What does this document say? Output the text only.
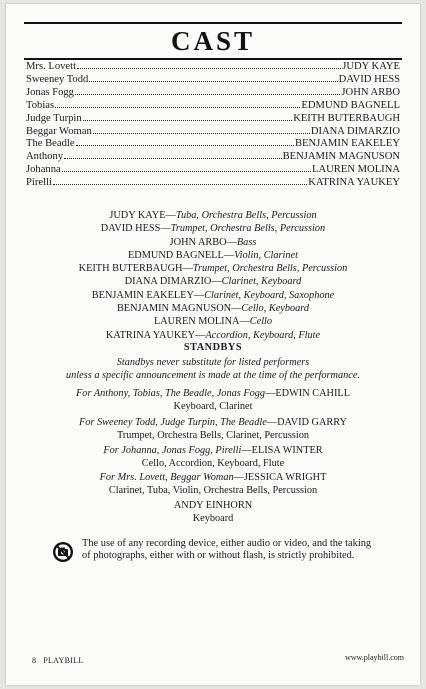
CAST
Mrs. Lovett	JUDY KAYE
Sweeney Todd	DAVID HESS
Jonas Fogg	JOHN ARBO
Tobias	EDMUND BAGNELL
Judge Turpin	KEITH BUTERBAUGH
Beggar Woman	DIANA DIMARZIO
The Beadle	BENJAMIN EAKELEY
Anthony	BENJAMIN MAGNUSON
Johanna	LAUREN MOLINA
Pirelli	KATRINA YAUKEY
JUDY KAYE—Tuba, Orchestra Bells, Percussion
DAVID HESS—Trumpet, Orchestra Bells, Percussion
JOHN ARBO—Bass
EDMUND BAGNELL—Violin, Clarinet
KEITH BUTERBAUGH—Trumpet, Orchestra Bells, Percussion
DIANA DIMARZIO—Clarinet, Keyboard
BENJAMIN EAKELEY—Clarinet, Keyboard, Saxophone
BENJAMIN MAGNUSON—Cello, Keyboard
LAUREN MOLINA—Cello
KATRINA YAUKEY—Accordion, Keyboard, Flute
STANDBYS
Standbys never substitute for listed performers
unless a specific announcement is made at the time of the performance.
For Anthony, Tobias, The Beadle, Jonas Fogg—EDWIN CAHILL
Keyboard, Clarinet
For Sweeney Todd, Judge Turpin, The Beadle—DAVID GARRY
Trumpet, Orchestra Bells, Clarinet, Percussion
For Johanna, Jonas Fogg, Pirelli—ELISA WINTER
Cello, Accordion, Keyboard, Flute
For Mrs. Lovett, Beggar Woman—JESSICA WRIGHT
Clarinet, Tuba, Violin, Orchestra Bells, Percussion
ANDY EINHORN
Keyboard
The use of any recording device, either audio or video, and the taking
of photographs, either with or without flash, is strictly prohibited.
8 PLAYBILL	www.playbill.com
